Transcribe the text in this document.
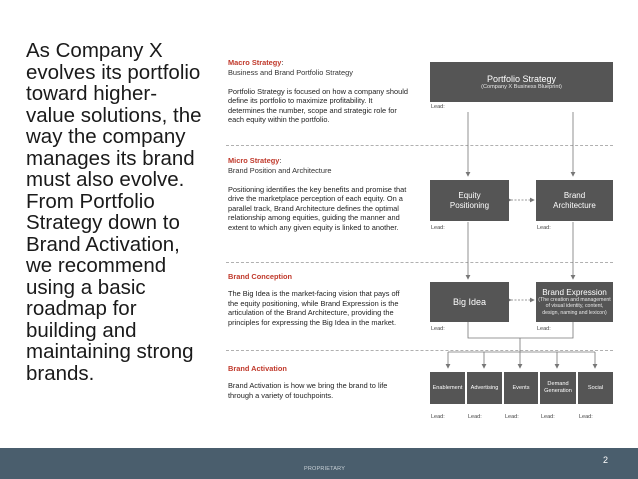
As Company X evolves its portfolio toward higher-value solutions, the way the company manages its brand must also evolve. From Portfolio Strategy down to Brand Activation, we recommend using a basic roadmap for building and maintaining strong brands.
Macro Strategy:
Business and Brand Portfolio Strategy
Portfolio Strategy is focused on how a company should define its portfolio to maximize profitability. It determines the number, scope and strategic role for each equity within the portfolio.
Micro Strategy:
Brand Position and Architecture
Positioning identifies the key benefits and promise that drive the marketplace perception of each equity. On a parallel track, Brand Architecture defines the optimal relationship among equities, guiding the manner and extent to which any given equity is linked to another.
Brand Conception
The Big Idea is the market-facing vision that pays off the equity positioning, while Brand Expression is the articulation of the Brand Architecture, providing the principles for expressing the Big Idea in the market.
Brand Activation
Brand Activation is how we bring the brand to life through a variety of touchpoints.
Portfolio Strategy
(Company X Business Blueprint)
Lead:
Equity Positioning
Brand Architecture
Lead:	Lead:
Big Idea
Brand Expression
(The creation and management of visual identity, content, design, naming and lexicon)
Lead:	Lead:
Enablement Advertising	Events
Demand Generation	Social
Lead:	Lead:	Lead:	Lead:	Lead:
PROPRIETARY
2
